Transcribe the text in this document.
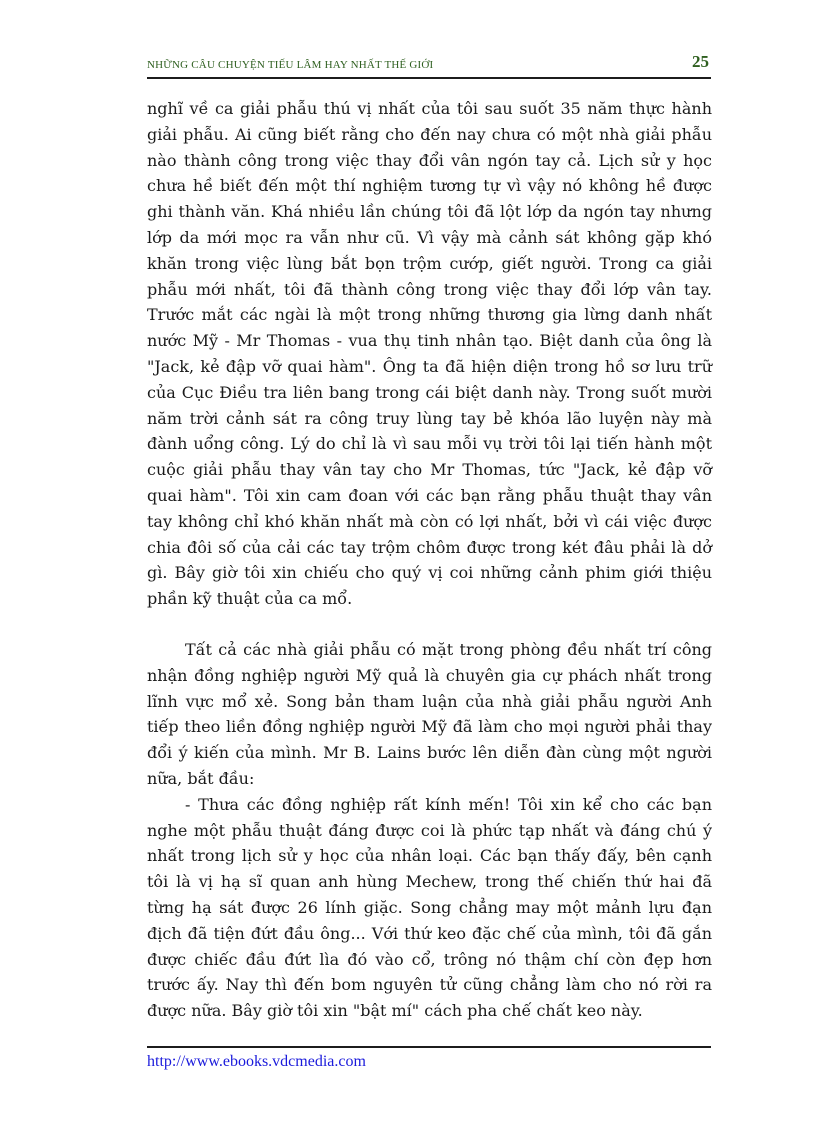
NHỮNG CÂU CHUYỆN TIẾU LÂM HAY NHẤT THẾ GIỚI	25

nghĩ về ca giải phẫu thú vị nhất của tôi sau suốt 35 năm thực hành giải phẫu. Ai cũng biết rằng cho đến nay chưa có một nhà giải phẫu nào thành công trong việc thay đổi vân ngón tay cả. Lịch sử y học chưa hề biết đến một thí nghiệm tương tự vì vậy nó không hề được ghi thành văn. Khá nhiều lần chúng tôi đã lột lớp da ngón tay nhưng lớp da mới mọc ra vẫn như cũ. Vì vậy mà cảnh sát không gặp khó khăn trong việc lùng bắt bọn trộm cướp, giết người. Trong ca giải phẫu mới nhất, tôi đã thành công trong việc thay đổi lớp vân tay. Trước mắt các ngài là một trong những thương gia lừng danh nhất nước Mỹ - Mr Thomas - vua thụ tinh nhân tạo. Biệt danh của ông là "Jack, kẻ đập vỡ quai hàm". Ông ta đã hiện diện trong hồ sơ lưu trữ của Cục Điều tra liên bang trong cái biệt danh này. Trong suốt mười năm trời cảnh sát ra công truy lùng tay bẻ khóa lão luyện này mà đành uổng công. Lý do chỉ là vì sau mỗi vụ trời tôi lại tiến hành một cuộc giải phẫu thay vân tay cho Mr Thomas, tức "Jack, kẻ đập vỡ quai hàm". Tôi xin cam đoan với các bạn rằng phẫu thuật thay vân tay không chỉ khó khăn nhất mà còn có lợi nhất, bởi vì cái việc được chia đôi số của cải các tay trộm chôm được trong két đâu phải là dở gì. Bây giờ tôi xin chiếu cho quý vị coi những cảnh phim giới thiệu phần kỹ thuật của ca mổ.

Tất cả các nhà giải phẫu có mặt trong phòng đều nhất trí công nhận đồng nghiệp người Mỹ quả là chuyên gia cự phách nhất trong lĩnh vực mổ xẻ. Song bản tham luận của nhà giải phẫu người Anh tiếp theo liền đồng nghiệp người Mỹ đã làm cho mọi người phải thay đổi ý kiến của mình. Mr B. Lains bước lên diễn đàn cùng một người nữa, bắt đầu:

- Thưa các đồng nghiệp rất kính mến! Tôi xin kể cho các bạn nghe một phẫu thuật đáng được coi là phức tạp nhất và đáng chú ý nhất trong lịch sử y học của nhân loại. Các bạn thấy đấy, bên cạnh tôi là vị hạ sĩ quan anh hùng Mechew, trong thế chiến thứ hai đã từng hạ sát được 26 lính giặc. Song chẳng may một mảnh lựu đạn địch đã tiện đứt đầu ông... Với thứ keo đặc chế của mình, tôi đã gắn được chiếc đầu đứt lìa đó vào cổ, trông nó thậm chí còn đẹp hơn trước ấy. Nay thì đến bom nguyên tử cũng chẳng làm cho nó rời ra được nữa. Bây giờ tôi xin "bật mí" cách pha chế chất keo này.

http://www.ebooks.vdcmedia.com
